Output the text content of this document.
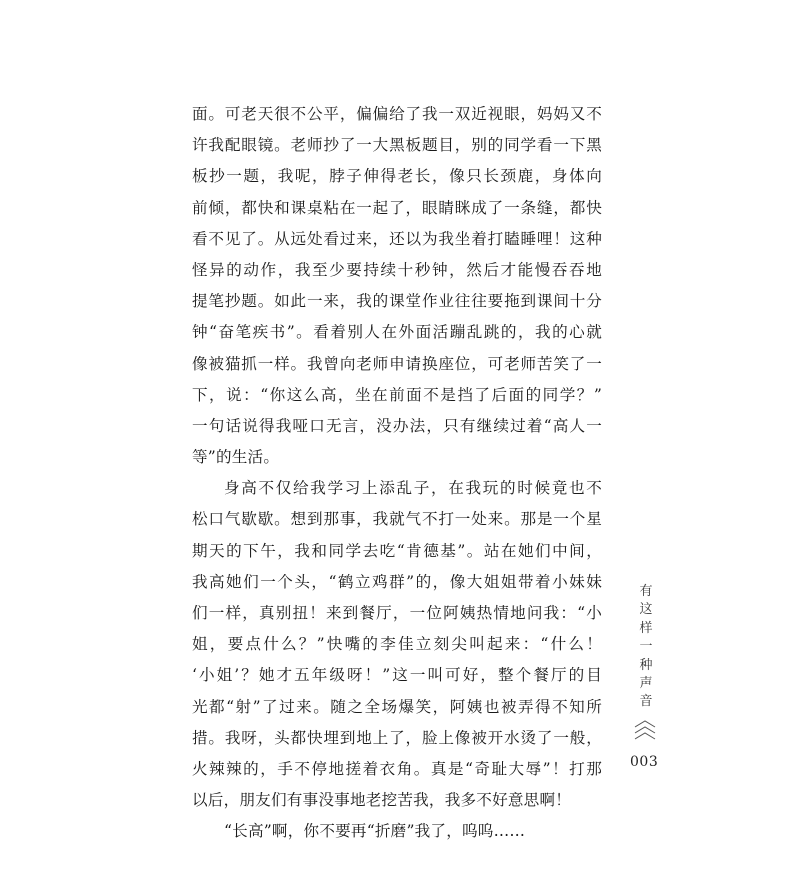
面。可老天很不公平，偏偏给了我一双近视眼，妈妈又不
许我配眼镜。老师抄了一大黑板题目，别的同学看一下黑
板抄一题，我呢，脖子伸得老长，像只长颈鹿，身体向
前倾，都快和课桌粘在一起了，眼睛眯成了一条缝，都快
看不见了。从远处看过来，还以为我坐着打瞌睡哩！这种
怪异的动作，我至少要持续十秒钟，然后才能慢吞吞地
提笔抄题。如此一来，我的课堂作业往往要拖到课间十分
钟“奋笔疾书”。看着别人在外面活蹦乱跳的，我的心就
像被猫抓一样。我曾向老师申请换座位，可老师苦笑了一
下，说：“你这么高，坐在前面不是挡了后面的同学？”
一句话说得我哑口无言，没办法，只有继续过着“高人一
等”的生活。
身高不仅给我学习上添乱子，在我玩的时候竟也不
松口气歇歇。想到那事，我就气不打一处来。那是一个星
期天的下午，我和同学去吃“肯德基”。站在她们中间，
我高她们一个头，“鹤立鸡群”的，像大姐姐带着小妹妹
们一样，真别扭！来到餐厅，一位阿姨热情地问我：“小
姐，要点什么？”快嘴的李佳立刻尖叫起来：“什么！
‘小姐’？她才五年级呀！”这一叫可好，整个餐厅的目
光都“射”了过来。随之全场爆笑，阿姨也被弄得不知所
措。我呀，头都快埋到地上了，脸上像被开水烫了一般，
火辣辣的，手不停地搓着衣角。真是“奇耻大辱”！打那
以后，朋友们有事没事地老挖苦我，我多不好意思啊！
“长高”啊，你不要再“折磨”我了，呜呜……
有
这
样
一
种
声
音
003
